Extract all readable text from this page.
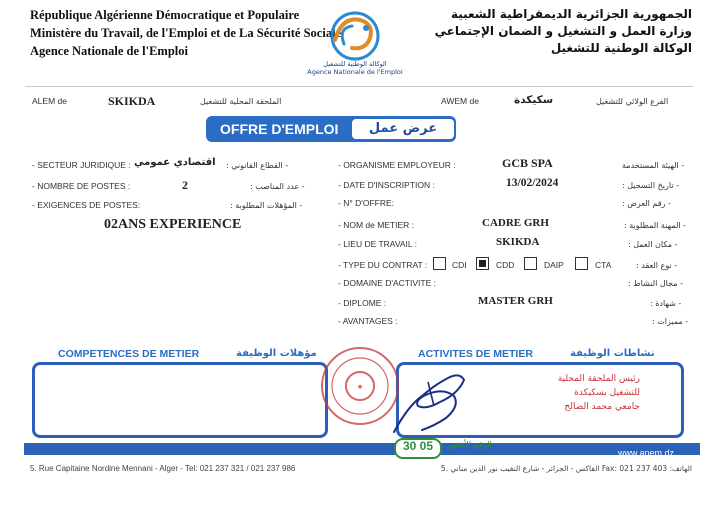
République Algérienne Démocratique et Populaire
Ministère du Travail, de l'Emploi et de La Sécurité Sociale
Agence Nationale de l'Emploi
الوكالة الوطنية للتشغيل
Agence Nationale de l'Emploi
الجمهورية الجزائرية الديمقراطية الشعبية
وزارة العمل و التشغيل و الضمان الإجتماعي
الوكالة الوطنية للتشغيل
ALEM de	SKIKDA	الملحقة المحلية للتشغيل	AWEM de	سكيكدة	الفرع الولائي للتشغيل
OFFRE D'EMPLOI	عرض عمل
- SECTEUR JURIDIQUE : اقتصادي عمومي - القطاع القانوني :
- NOMBRE DE POSTES :	2	- عدد المناصب :
- EXIGENCES DE POSTES:	- المؤهلات المطلوبة :
02ANS EXPERIENCE
- ORGANISME EMPLOYEUR :	GCB SPA	- الهيئة المستخدمة
- DATE D'INSCRIPTION :	13/02/2024	- تاريخ التسجيل :
- N° D'OFFRE:	- رقم العرض :
- NOM de METIER :	CADRE GRH	- المهنة المطلوبة :
- LIEU DE TRAVAIL :	SKIKDA	- مكان العمل :
- TYPE DU CONTRAT :	CDI	CDD	DAIP	CTA	- نوع العقد :
- DOMAINE D'ACTIVITE :	- مجال النشاط :
- DIPLOME :	MASTER GRH	- شهادة :
- AVANTAGES :	- مميزات :
COMPETENCES DE METIER	مؤهلات الوظيفة	ACTIVITES DE METIER	نشاطات الوظيفة
✦
رئيس الملحقة المحلية
للتشغيل بسكيكدة
جامعي محمد الصالح
30 05	الرقم الأخضر
www.anem.dz
5. Rue Capitaine Nordine Mennani - Alger - Tel: 021 237 321 / 021 237 986	الهاتف: Fax: 021 237 403 الفاكس - الجزائر - شارع النقيب نور الدين مناني .5
